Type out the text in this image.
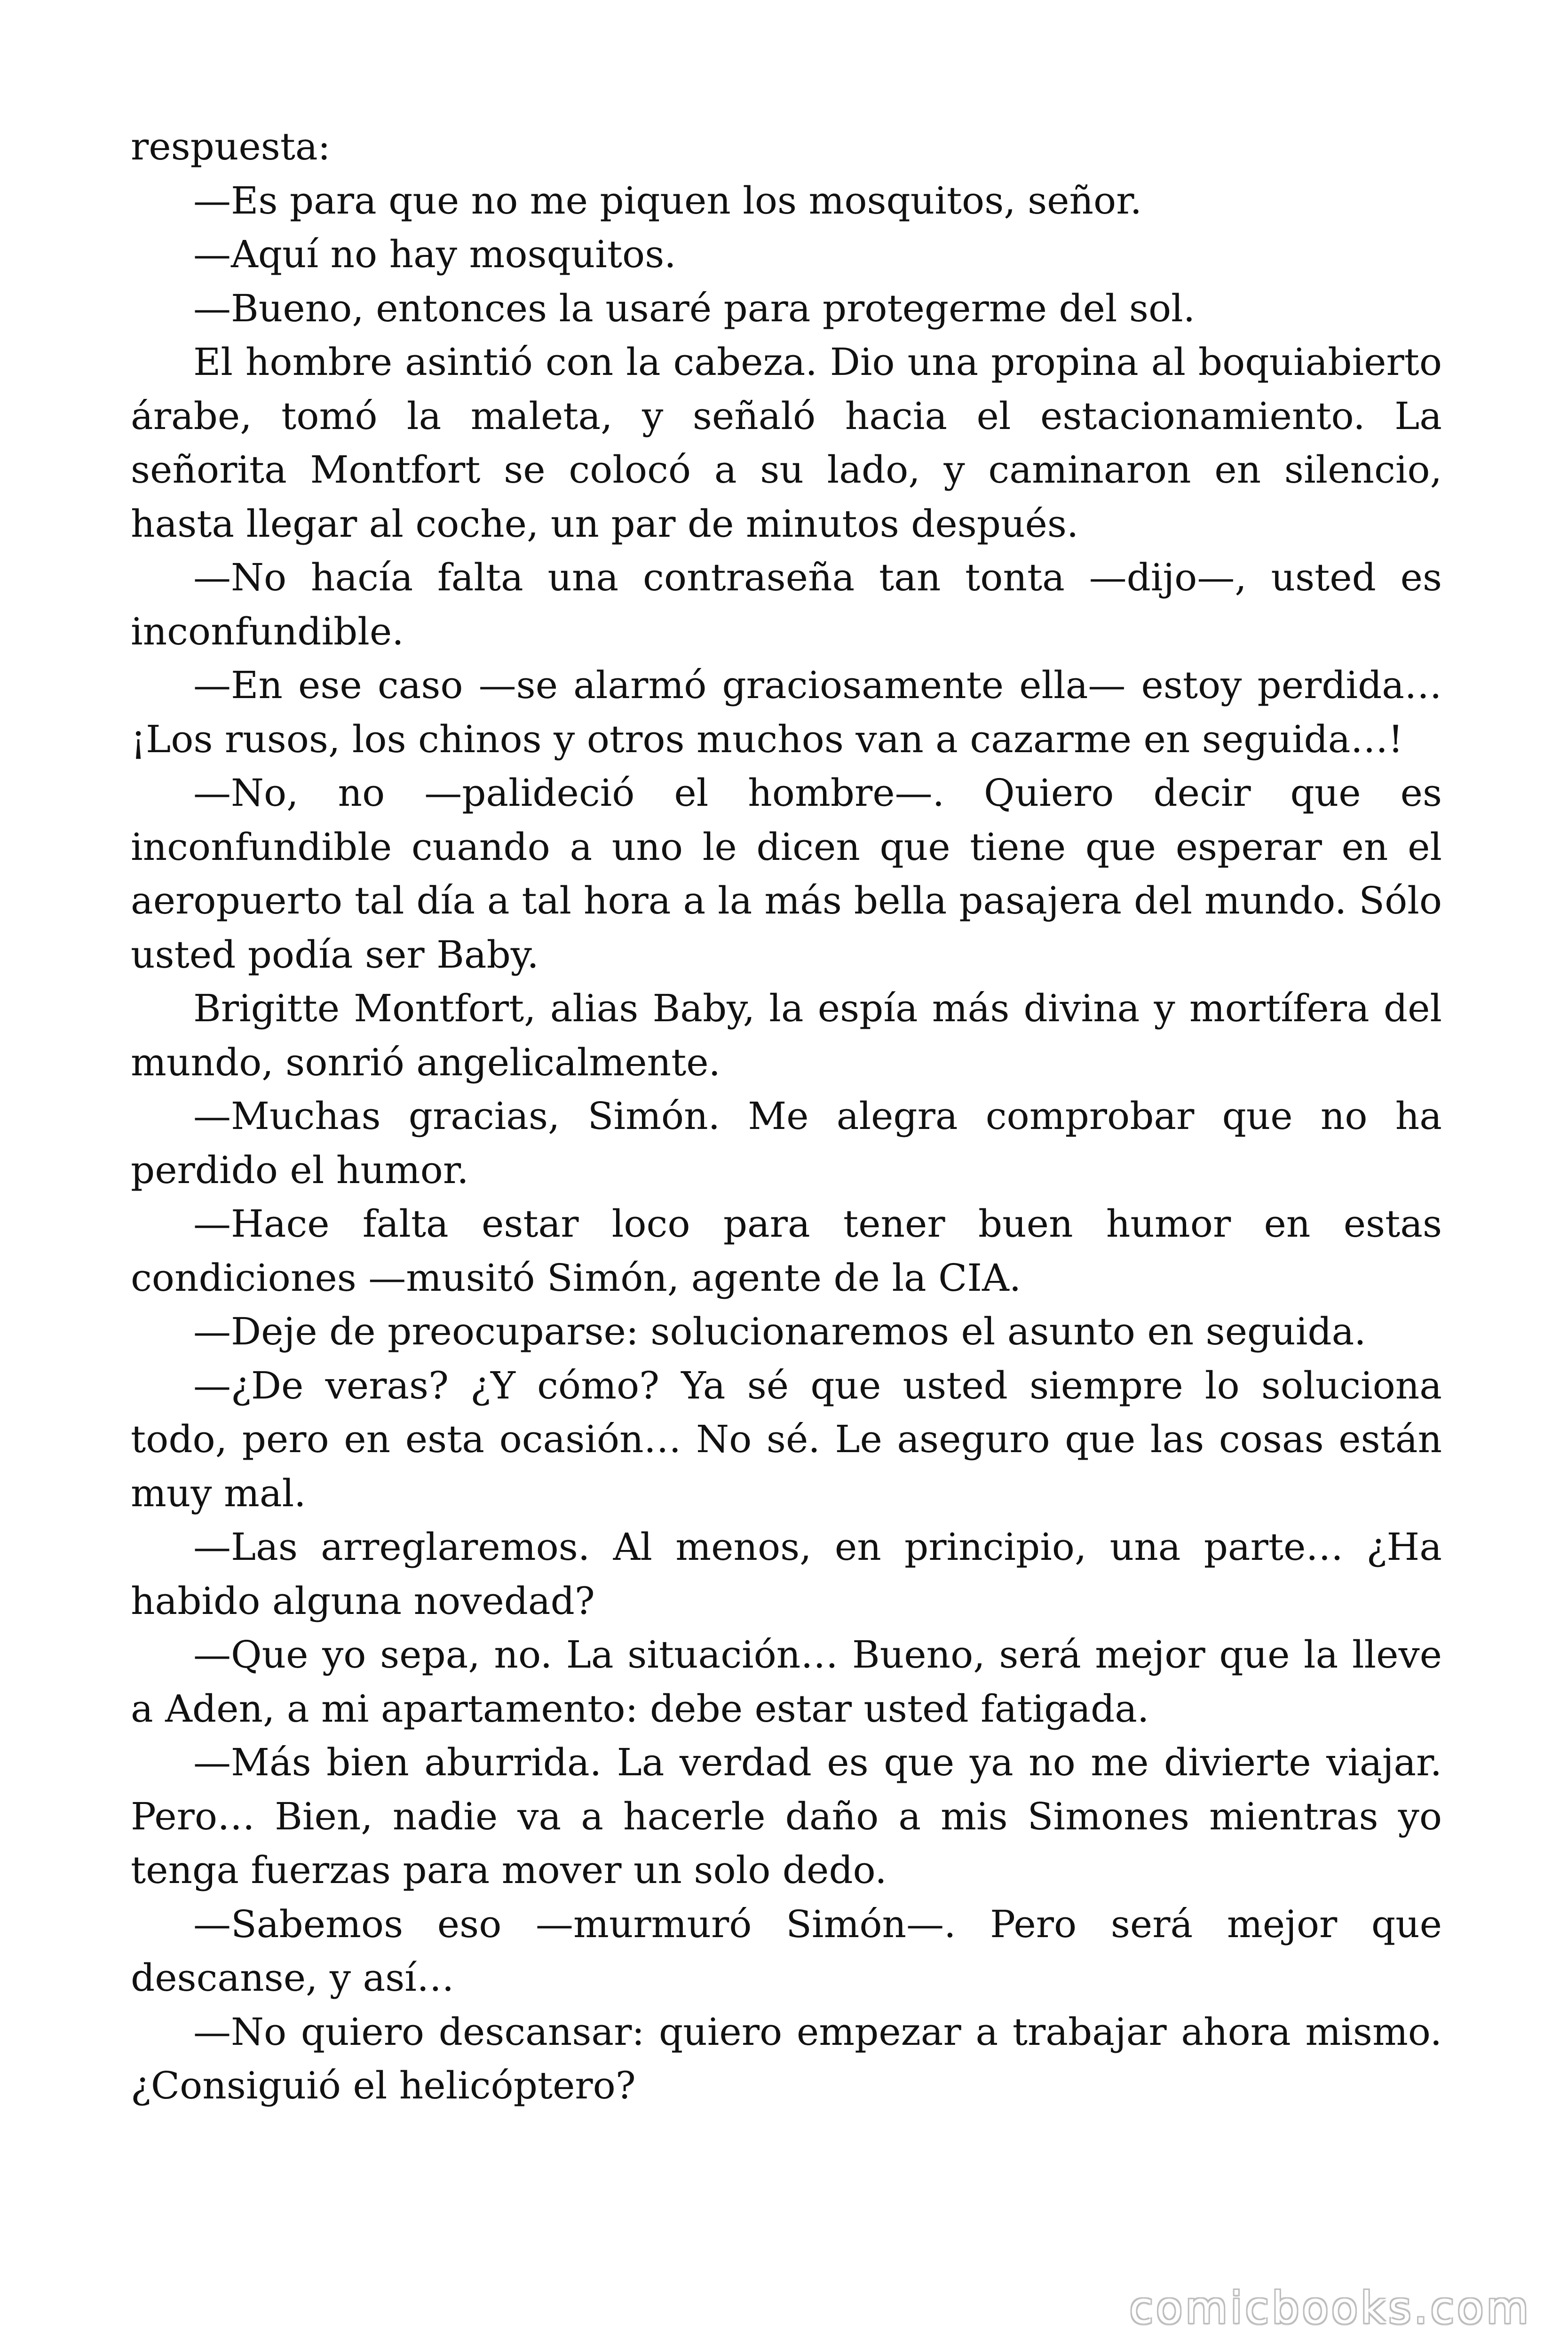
respuesta:

—Es para que no me piquen los mosquitos, señor.

—Aquí no hay mosquitos.

—Bueno, entonces la usaré para protegerme del sol.

El hombre asintió con la cabeza. Dio una propina al boquiabierto árabe, tomó la maleta, y señaló hacia el estacionamiento. La señorita Montfort se colocó a su lado, y caminaron en silencio, hasta llegar al coche, un par de minutos después.

—No hacía falta una contraseña tan tonta —dijo—, usted es inconfundible.

—En ese caso —se alarmó graciosamente ella— estoy perdida… ¡Los rusos, los chinos y otros muchos van a cazarme en seguida…!

—No, no —palideció el hombre—. Quiero decir que es inconfundible cuando a uno le dicen que tiene que esperar en el aeropuerto tal día a tal hora a la más bella pasajera del mundo. Sólo usted podía ser Baby.

Brigitte Montfort, alias Baby, la espía más divina y mortífera del mundo, sonrió angelicalmente.

—Muchas gracias, Simón. Me alegra comprobar que no ha perdido el humor.

—Hace falta estar loco para tener buen humor en estas condiciones —musitó Simón, agente de la CIA.

—Deje de preocuparse: solucionaremos el asunto en seguida.

—¿De veras? ¿Y cómo? Ya sé que usted siempre lo soluciona todo, pero en esta ocasión… No sé. Le aseguro que las cosas están muy mal.

—Las arreglaremos. Al menos, en principio, una parte… ¿Ha habido alguna novedad?

—Que yo sepa, no. La situación… Bueno, será mejor que la lleve a Aden, a mi apartamento: debe estar usted fatigada.

—Más bien aburrida. La verdad es que ya no me divierte viajar. Pero… Bien, nadie va a hacerle daño a mis Simones mientras yo tenga fuerzas para mover un solo dedo.

—Sabemos eso —murmuró Simón—. Pero será mejor que descanse, y así…

—No quiero descansar: quiero empezar a trabajar ahora mismo. ¿Consiguió el helicóptero?

comicbooks.com
